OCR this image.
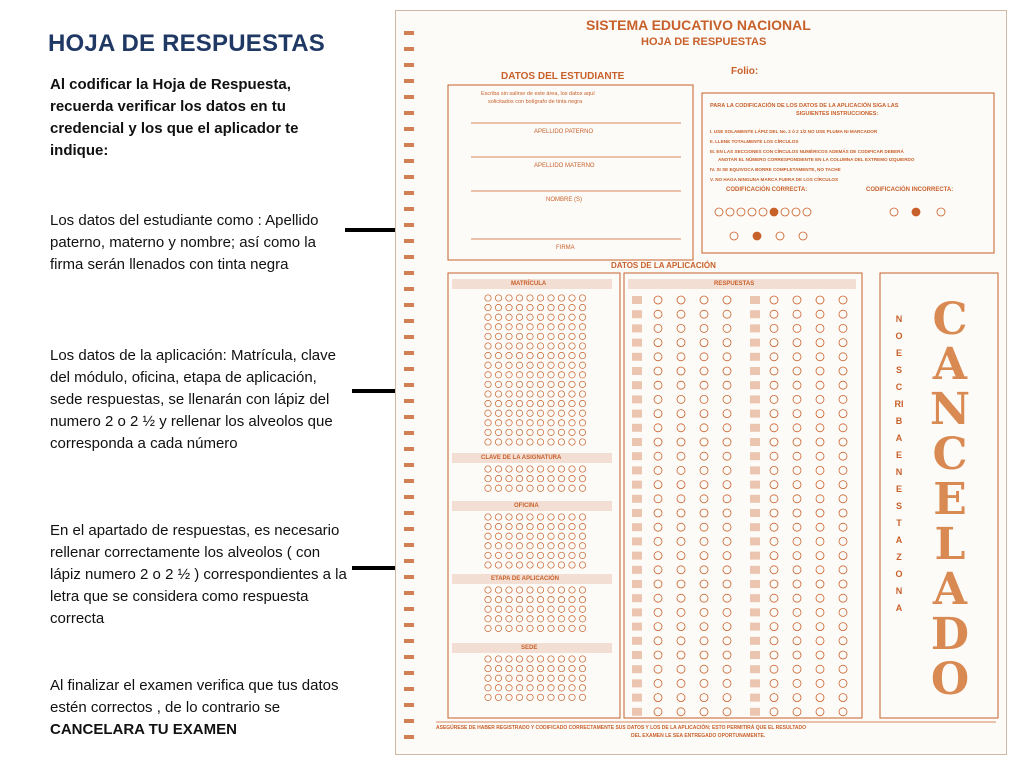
HOJA DE RESPUESTAS

Al codificar la Hoja de Respuesta, recuerda verificar los datos en tu credencial y los que el aplicador te indique:

Los datos del estudiante como : Apellido paterno, materno y nombre; así como la firma serán llenados con tinta negra

Los datos de la aplicación: Matrícula, clave del módulo, oficina, etapa de aplicación, sede respuestas, se llenarán con lápiz del numero 2 o 2 ½ y rellenar los alveolos que corresponda a cada número

En el apartado de respuestas, es necesario rellenar correctamente los alveolos ( con lápiz numero 2 o 2 ½ ) correspondientes a la letra que se considera como respuesta correcta

Al finalizar el examen verifica que tus datos estén correctos , de lo contrario se CANCELARA TU EXAMEN

SISTEMA EDUCATIVO NACIONAL
HOJA DE RESPUESTAS
Folio:
DATOS DEL ESTUDIANTE
Escriba sin salirse de este área, los datos aquí
solicitados con bolígrafo de tinta negra
APELLIDO PATERNO
APELLIDO MATERNO
NOMBRE (S)
FIRMA
PARA LA CODIFICACIÓN DE LOS DATOS DE LA APLICACIÓN SIGA LAS
SIGUIENTES INSTRUCCIONES:
I. USE SOLAMENTE LÁPIZ DEL No. 2 ó 2 1/2 NO USE PLUMA NI MARCADOR
II. LLENE TOTALMENTE LOS CÍRCULOS
III. EN LAS SECCIONES CON CÍRCULOS NUMÉRICOS ADEMÁS DE CODIFICAR DEBERÁ
ANOTAR EL NÚMERO CORRESPONDIENTE EN LA COLUMNA DEL EXTREMO IZQUIERDO
IV. SI SE EQUIVOCA BORRE COMPLETAMENTE, NO TACHE
V. NO HAGA NINGUNA MARCA FUERA DE LOS CÍRCULOS
CODIFICACIÓN CORRECTA:	CODIFICACIÓN INCORRECTA:
DATOS DE LA APLICACIÓN
MATRÍCULA	RESPUESTAS
CLAVE DE LA ASIGNATURA
OFICINA
ETAPA DE APLICACIÓN
SEDE
NO ESCRIBA EN ESTA ZONA
CANCELADO
ASEGÚRESE DE HABER REGISTRADO Y CODIFICADO CORRECTAMENTE SUS DATOS Y LOS DE LA APLICACIÓN; ESTO PERMITIRÁ QUE EL RESULTADO
DEL EXAMEN LE SEA ENTREGADO OPORTUNAMENTE.
